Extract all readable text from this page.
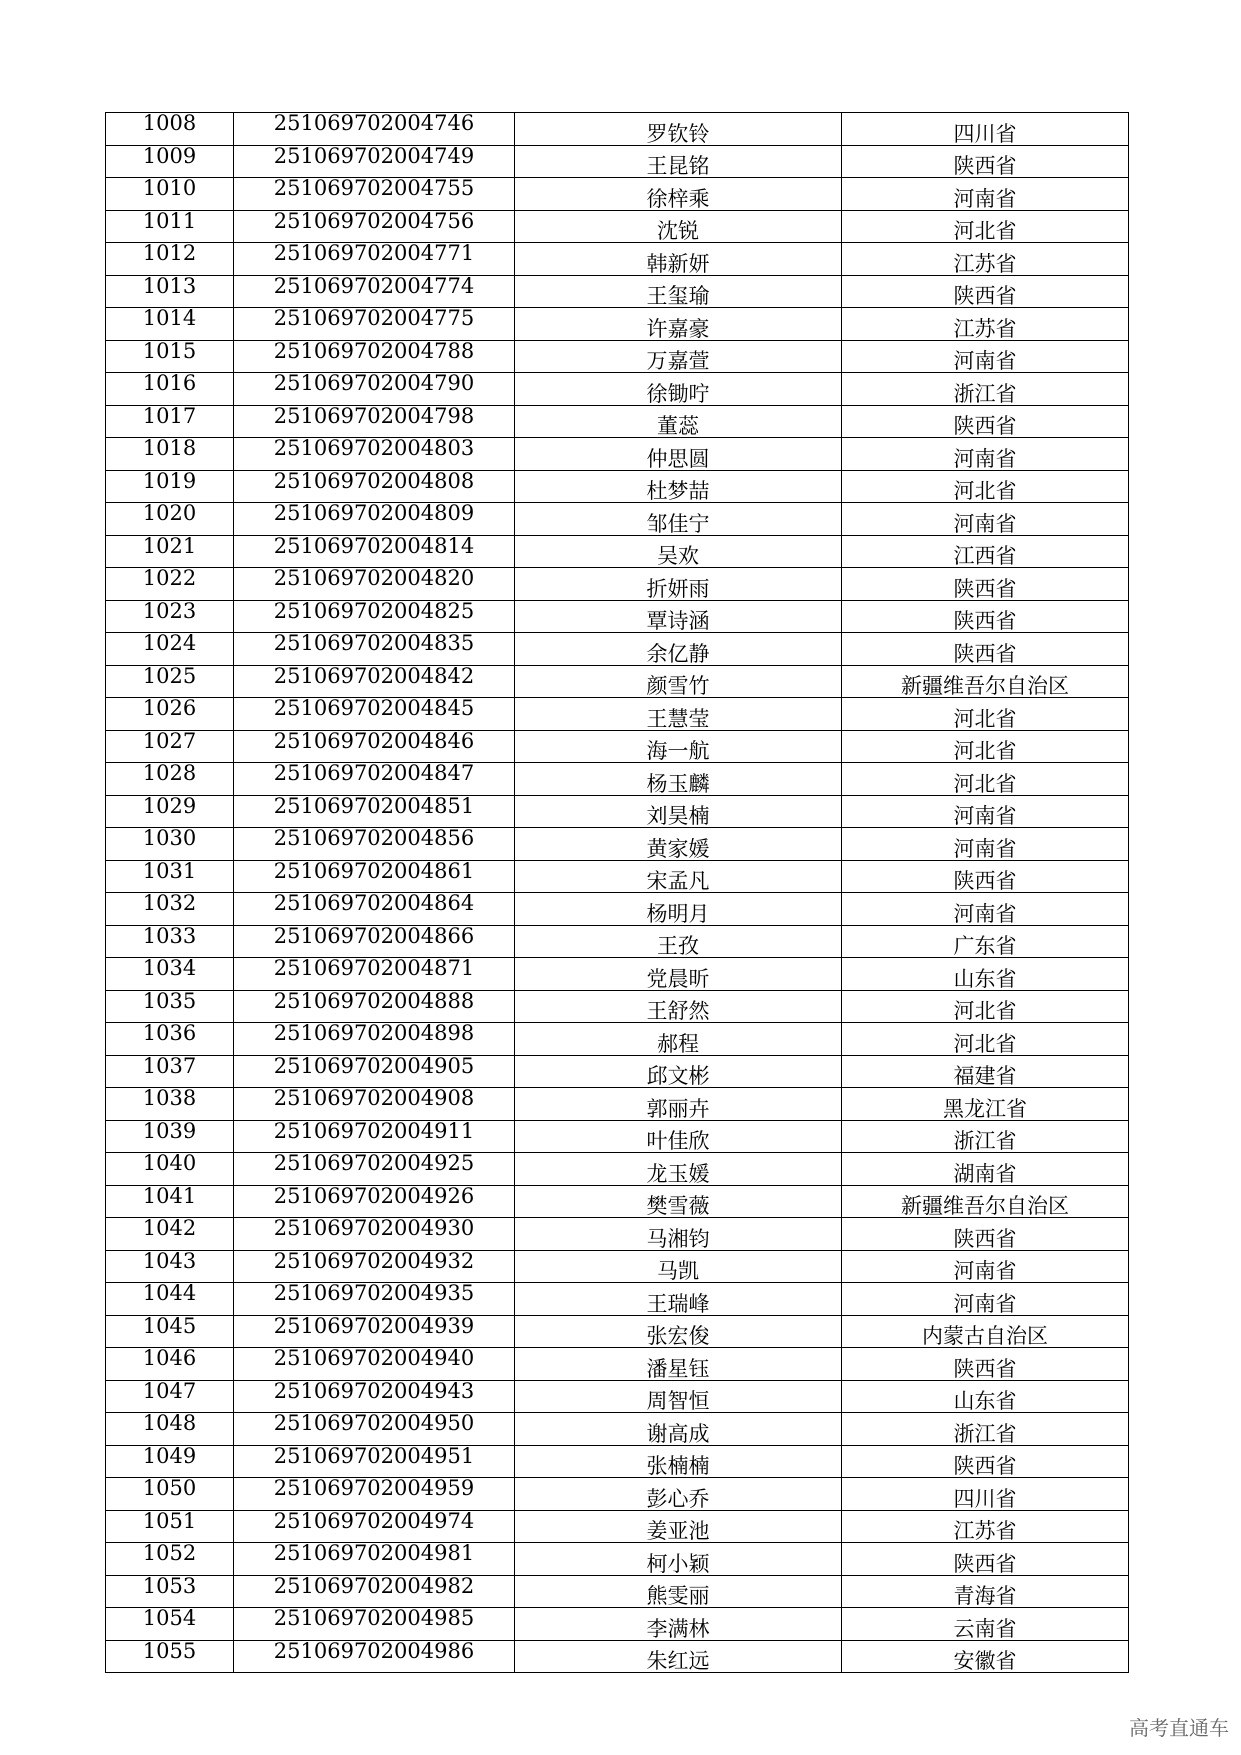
1008	251069702004746	罗钦铃	四川省
1009	251069702004749	王昆铭	陕西省
1010	251069702004755	徐梓乘	河南省
1011	251069702004756	沈锐	河北省
1012	251069702004771	韩新妍	江苏省
1013	251069702004774	王玺瑜	陕西省
1014	251069702004775	许嘉豪	江苏省
1015	251069702004788	万嘉萱	河南省
1016	251069702004790	徐锄咛	浙江省
1017	251069702004798	董蕊	陕西省
1018	251069702004803	仲思圆	河南省
1019	251069702004808	杜梦喆	河北省
1020	251069702004809	邹佳宁	河南省
1021	251069702004814	吴欢	江西省
1022	251069702004820	折妍雨	陕西省
1023	251069702004825	覃诗涵	陕西省
1024	251069702004835	余亿静	陕西省
1025	251069702004842	颜雪竹	新疆维吾尔自治区
1026	251069702004845	王慧莹	河北省
1027	251069702004846	海一航	河北省
1028	251069702004847	杨玉麟	河北省
1029	251069702004851	刘昊楠	河南省
1030	251069702004856	黄家媛	河南省
1031	251069702004861	宋孟凡	陕西省
1032	251069702004864	杨明月	河南省
1033	251069702004866	王孜	广东省
1034	251069702004871	党晨昕	山东省
1035	251069702004888	王舒然	河北省
1036	251069702004898	郝程	河北省
1037	251069702004905	邱文彬	福建省
1038	251069702004908	郭丽卉	黑龙江省
1039	251069702004911	叶佳欣	浙江省
1040	251069702004925	龙玉媛	湖南省
1041	251069702004926	樊雪薇	新疆维吾尔自治区
1042	251069702004930	马湘钧	陕西省
1043	251069702004932	马凯	河南省
1044	251069702004935	王瑞峰	河南省
1045	251069702004939	张宏俊	内蒙古自治区
1046	251069702004940	潘星钰	陕西省
1047	251069702004943	周智恒	山东省
1048	251069702004950	谢高成	浙江省
1049	251069702004951	张楠楠	陕西省
1050	251069702004959	彭心乔	四川省
1051	251069702004974	姜亚池	江苏省
1052	251069702004981	柯小颖	陕西省
1053	251069702004982	熊雯丽	青海省
1054	251069702004985	李满林	云南省
1055	251069702004986	朱红远	安徽省
高考直通车
